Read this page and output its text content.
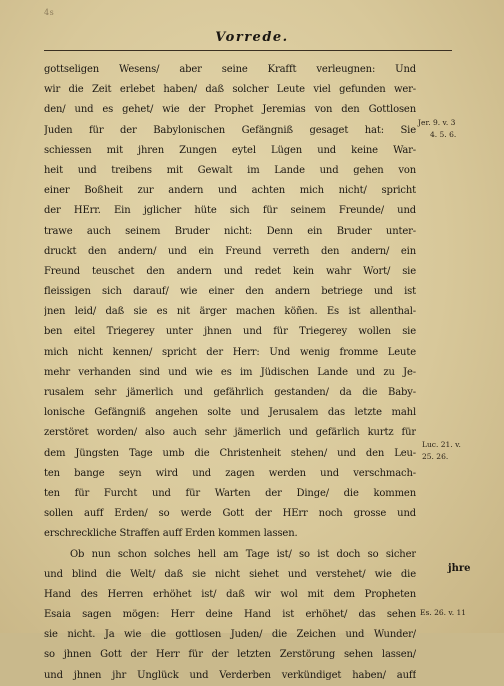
4s
Vorrede.
gottseligen Wesens/ aber seine Krafft verleugnen: Und
wir die Zeit erlebet haben/ daß solcher Leute viel gefunden wer-
den/ und es gehet/ wie der Prophet Jeremias von den Gottlosen
Juden für der Babylonischen Gefängniß gesaget hat: Sie
schiessen mit jhren Zungen eytel Lügen und keine War-
heit und treibens mit Gewalt im Lande und gehen von
einer Boßheit zur andern und achten mich nicht/ spricht
der HErr. Ein jglicher hüte sich für seinem Freunde/ und
trawe auch seinem Bruder nicht: Denn ein Bruder unter-
druckt den andern/ und ein Freund verreth den andern/ ein
Freund teuschet den andern und redet kein wahr Wort/ sie
fleissigen sich darauf/ wie einer den andern betriege und ist
jnen leid/ daß sie es nit ärger machen köñen. Es ist allenthal-
ben eitel Triegerey unter jhnen und für Triegerey wollen sie
mich nicht kennen/ spricht der Herr: Und wenig fromme Leute
mehr verhanden sind und wie es im Jüdischen Lande und zu Je-
rusalem sehr jämerlich und gefährlich gestanden/ da die Baby-
lonische Gefängniß angehen solte und Jerusalem das letzte mahl
zerstöret worden/ also auch sehr jämerlich und gefärlich kurtz für
dem Jüngsten Tage umb die Christenheit stehen/ und den Leu-
ten bange seyn wird und zagen werden und verschmach-
ten für Furcht und für Warten der Dinge/ die kommen
sollen auff Erden/ so werde Gott der HErr noch grosse und
erschreckliche Straffen auff Erden kommen lassen.
Ob nun schon solches hell am Tage ist/ so ist doch so sicher
und blind die Welt/ daß sie nicht siehet und verstehet/ wie die
Hand des Herren erhöhet ist/ daß wir wol mit dem Propheten
Esaia sagen mögen: Herr deine Hand ist erhöhet/ das sehen
sie nicht. Ja wie die gottlosen Juden/ die Zeichen und Wunder/
so jhnen Gott der Herr für der letzten Zerstörung sehen lassen/
und jhnen jhr Unglück und Verderben verkündiget haben/ auff
Jer. 9. v. 3
4. 5. 6.
Luc. 21. v.
25. 26.
Es. 26. v. 11
jhre
